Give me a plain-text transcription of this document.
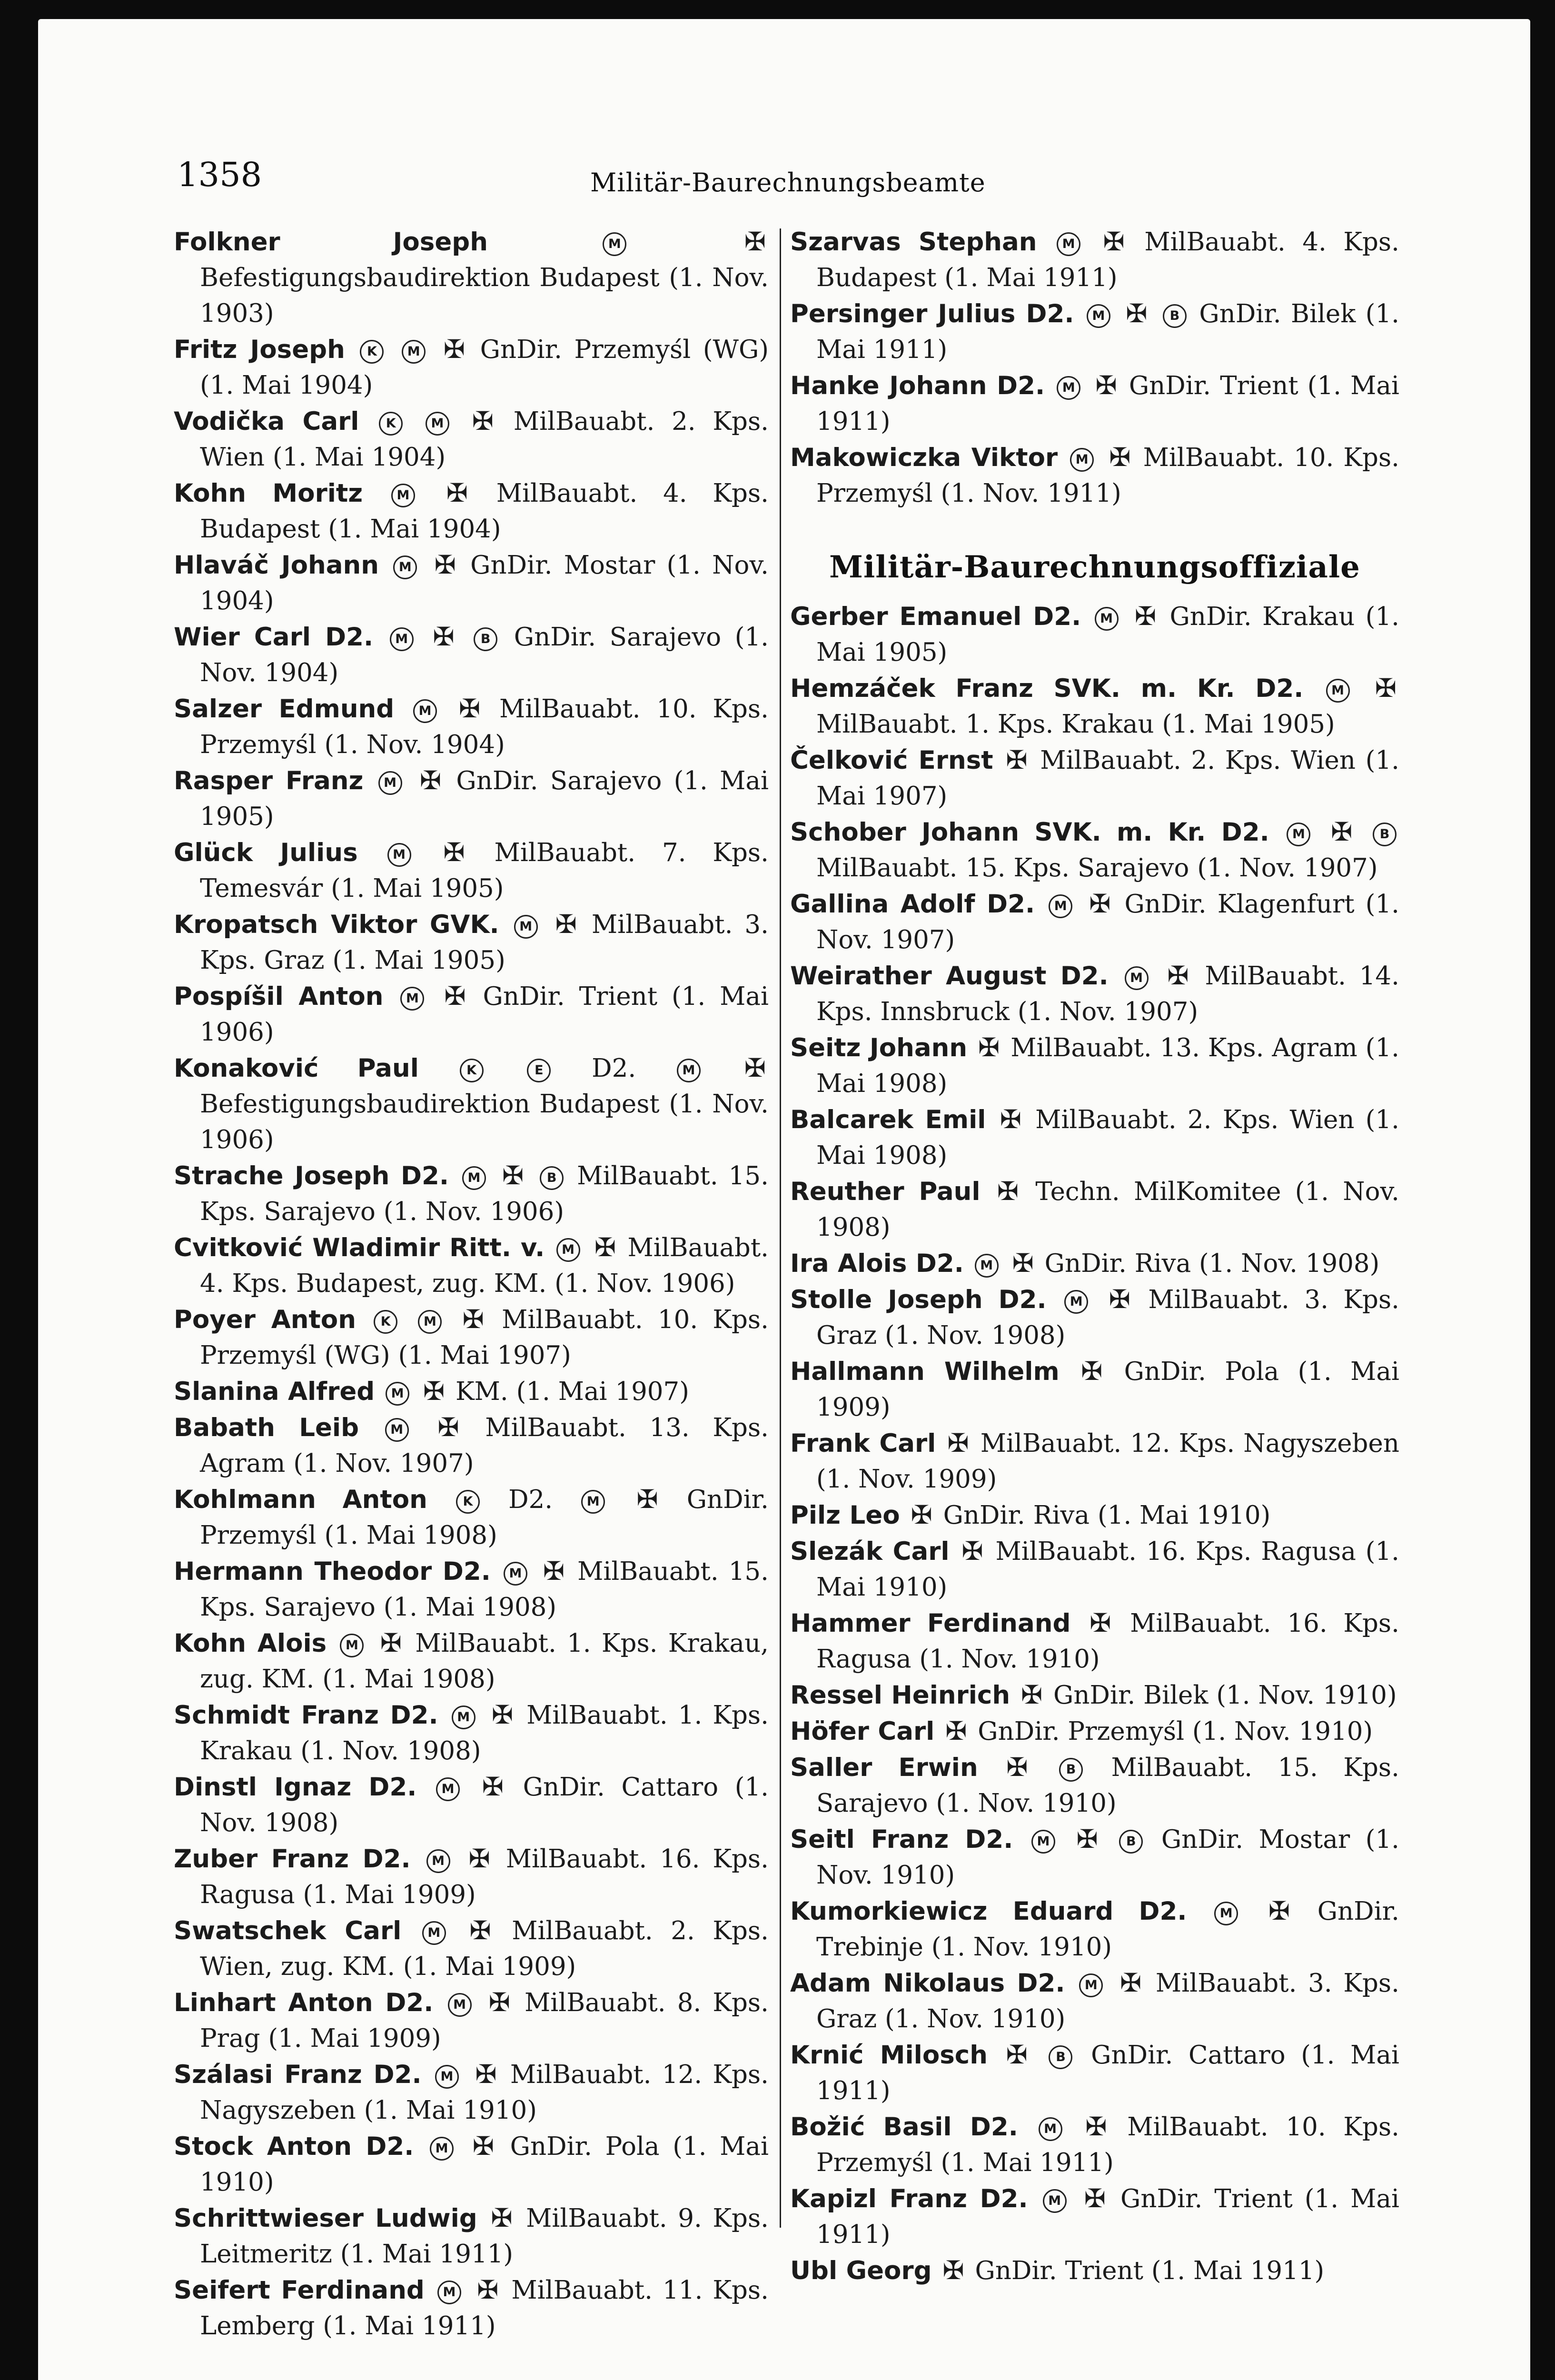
1358	Militär-Baurechnungsbeamte
Folkner Joseph	M	✠ Befestigungsbaudirektion Budapest (1. Nov. 1903)
Fritz Joseph K M ✠ GnDir. Przemyśl (WG) (1. Mai 1904)
Vodička Carl K	M ✠ MilBauabt. 2. Kps. Wien (1. Mai 1904)
Kohn Moritz	M ✠ MilBauabt. 4. Kps. Budapest (1. Mai 1904)
Hlaváč Johann M ✠ GnDir. Mostar (1. Nov. 1904)
Wier Carl D2. M ✠ B GnDir. Sarajevo (1. Nov. 1904)
Salzer Edmund M ✠ MilBauabt. 10. Kps. Przemyśl (1. Nov. 1904)
Rasper Franz M ✠ GnDir. Sarajevo (1. Mai 1905)
Glück Julius	M ✠ MilBauabt. 7. Kps. Temesvár (1. Mai 1905)
Kropatsch Viktor GVK. M ✠ MilBauabt. 3. Kps. Graz (1. Mai 1905)
Pospíšil Anton M ✠ GnDir. Trient (1. Mai 1906)
Konaković Paul	K	E D2.	M ✠ Befestigungsbaudirektion Budapest (1. Nov. 1906)
Strache Joseph D2. M ✠ B MilBauabt. 15. Kps. Sarajevo (1. Nov. 1906)
Cvitković Wladimir Ritt. v. M ✠ MilBauabt. 4. Kps. Budapest, zug. KM. (1. Nov. 1906)
Poyer Anton K	M ✠ MilBauabt. 10. Kps. Przemyśl (WG) (1. Mai 1907)
Slanina Alfred M ✠ KM. (1. Mai 1907)
Babath Leib M ✠ MilBauabt. 13. Kps. Agram (1. Nov. 1907)
Kohlmann Anton	K D2.	M ✠ GnDir. Przemyśl (1. Mai 1908)
Hermann Theodor D2. M ✠ MilBauabt. 15. Kps. Sarajevo (1. Mai 1908)
Kohn Alois M ✠ MilBauabt. 1. Kps. Krakau, zug. KM. (1. Mai 1908)
Schmidt Franz D2. M ✠ MilBauabt. 1. Kps. Krakau (1. Nov. 1908)
Dinstl Ignaz D2. M ✠ GnDir. Cattaro (1. Nov. 1908)
Zuber Franz D2. M ✠ MilBauabt. 16. Kps. Ragusa (1. Mai 1909)
Swatschek Carl M ✠ MilBauabt. 2. Kps. Wien, zug. KM. (1. Mai 1909)
Linhart Anton D2. M ✠ MilBauabt. 8. Kps. Prag (1. Mai 1909)
Szálasi Franz D2. M ✠ MilBauabt. 12. Kps. Nagyszeben (1. Mai 1910)
Stock Anton D2. M ✠ GnDir. Pola (1. Mai 1910)
Schrittwieser Ludwig ✠ MilBauabt. 9. Kps. Leitmeritz (1. Mai 1911)
Seifert Ferdinand M ✠ MilBauabt. 11. Kps. Lemberg (1. Mai 1911)
Szarvas Stephan M ✠ MilBauabt. 4. Kps. Budapest (1. Mai 1911)
Persinger Julius D2. M ✠ B GnDir. Bilek (1. Mai 1911)
Hanke Johann D2. M ✠ GnDir. Trient (1. Mai 1911)
Makowiczka Viktor M ✠ MilBauabt. 10. Kps. Przemyśl (1. Nov. 1911)
Militär-Baurechnungsoffiziale
Gerber Emanuel D2. M ✠ GnDir. Krakau (1. Mai 1905)
Hemzáček Franz SVK. m. Kr. D2. M ✠ MilBauabt. 1. Kps. Krakau (1. Mai 1905)
Čelković Ernst ✠ MilBauabt. 2. Kps. Wien (1. Mai 1907)
Schober Johann SVK. m. Kr. D2. M ✠ B MilBauabt. 15. Kps. Sarajevo (1. Nov. 1907)
Gallina Adolf D2. M ✠ GnDir. Klagenfurt (1. Nov. 1907)
Weirather August D2. M ✠ MilBauabt. 14. Kps. Innsbruck (1. Nov. 1907)
Seitz Johann ✠ MilBauabt. 13. Kps. Agram (1. Mai 1908)
Balcarek Emil ✠ MilBauabt. 2. Kps. Wien (1. Mai 1908)
Reuther Paul ✠ Techn. MilKomitee (1. Nov. 1908)
Ira Alois D2. M ✠ GnDir. Riva (1. Nov. 1908)
Stolle Joseph D2. M ✠ MilBauabt. 3. Kps. Graz (1. Nov. 1908)
Hallmann Wilhelm ✠ GnDir. Pola (1. Mai 1909)
Frank Carl ✠ MilBauabt. 12. Kps. Nagyszeben (1. Nov. 1909)
Pilz Leo ✠ GnDir. Riva (1. Mai 1910)
Slezák Carl ✠ MilBauabt. 16. Kps. Ragusa (1. Mai 1910)
Hammer Ferdinand ✠ MilBauabt. 16. Kps. Ragusa (1. Nov. 1910)
Ressel Heinrich ✠ GnDir. Bilek (1. Nov. 1910)
Höfer Carl ✠ GnDir. Przemyśl (1. Nov. 1910)
Saller Erwin ✠	B MilBauabt. 15. Kps. Sarajevo (1. Nov. 1910)
Seitl Franz D2. M ✠ B GnDir. Mostar (1. Nov. 1910)
Kumorkiewicz Eduard D2.	M ✠ GnDir. Trebinje (1. Nov. 1910)
Adam Nikolaus D2. M ✠ MilBauabt. 3. Kps. Graz (1. Nov. 1910)
Krnić Milosch ✠ B GnDir. Cattaro (1. Mai 1911)
Božić Basil D2. M ✠ MilBauabt. 10. Kps. Przemyśl (1. Mai 1911)
Kapizl Franz D2. M ✠ GnDir. Trient (1. Mai 1911)
Ubl Georg ✠ GnDir. Trient (1. Mai 1911)
